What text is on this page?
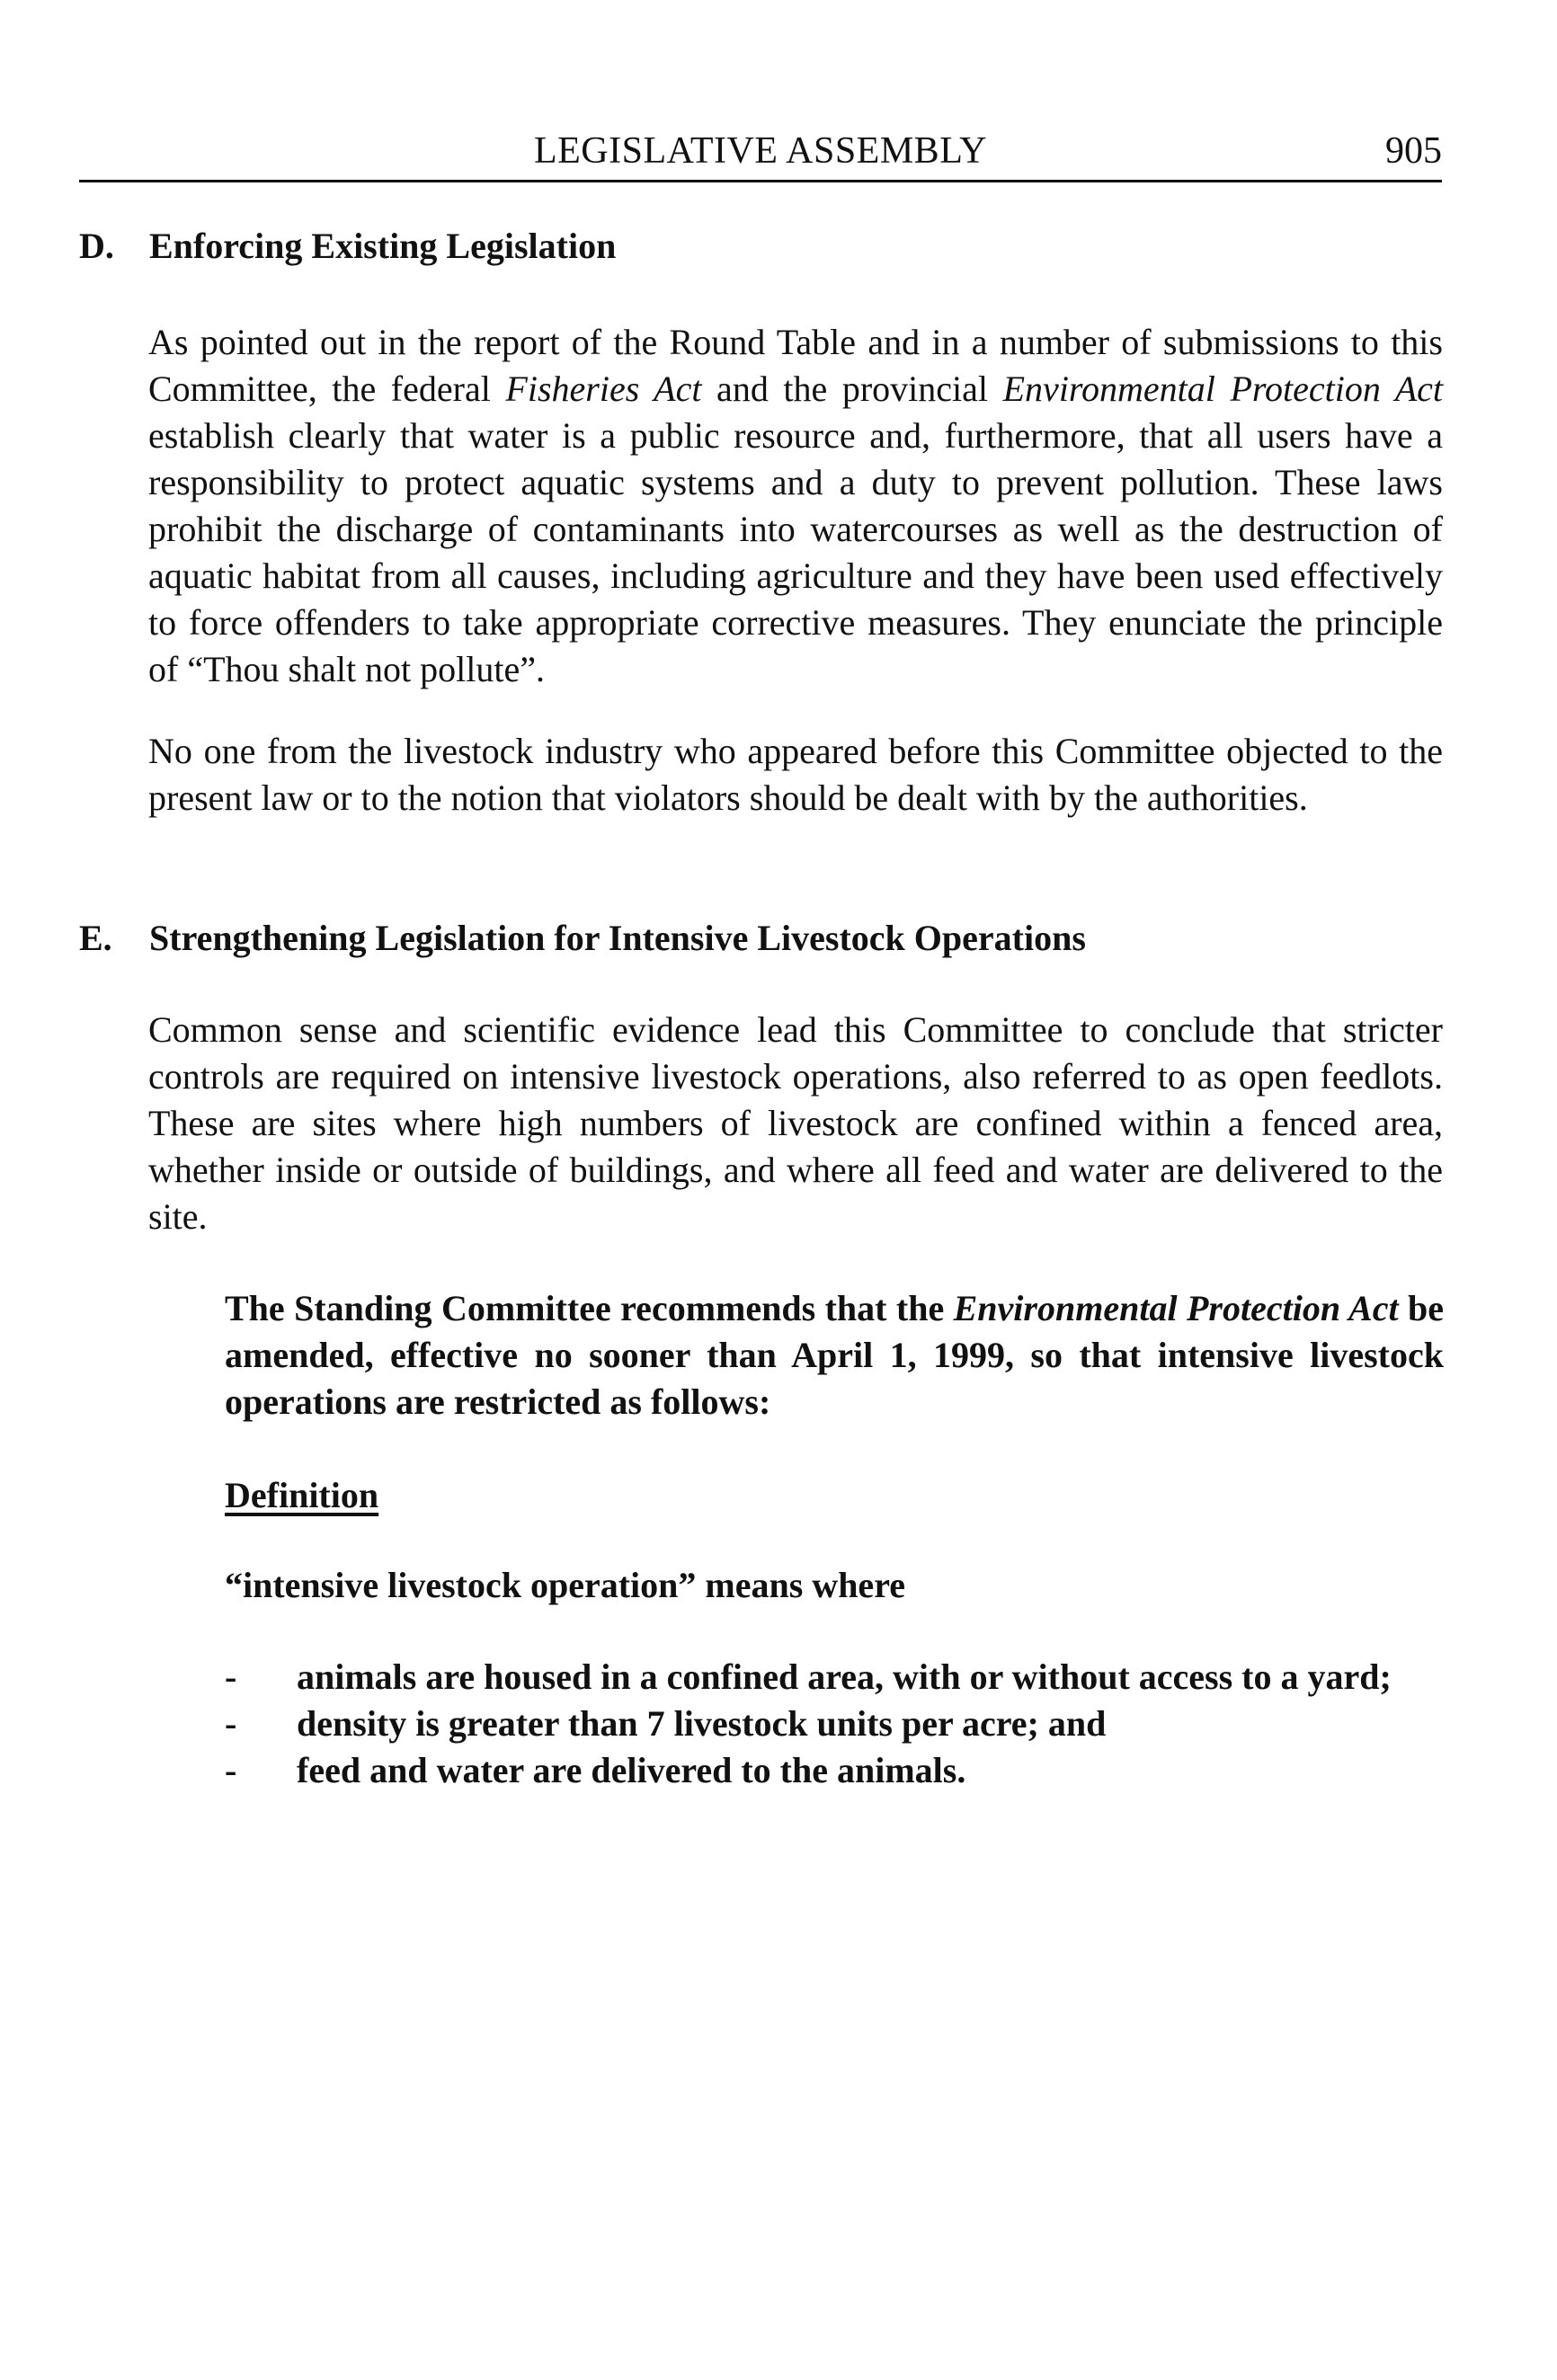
LEGISLATIVE ASSEMBLY	905
D. Enforcing Existing Legislation

As pointed out in the report of the Round Table and in a number of submissions to this Committee, the federal Fisheries Act and the provincial Environmental Protection Act establish clearly that water is a public resource and, furthermore, that all users have a responsibility to protect aquatic systems and a duty to prevent pollution. These laws prohibit the discharge of contaminants into watercourses as well as the destruction of aquatic habitat from all causes, including agriculture and they have been used effectively to force offenders to take appropriate corrective measures. They enunciate the principle of “Thou shalt not pollute”.

No one from the livestock industry who appeared before this Committee objected to the present law or to the notion that violators should be dealt with by the authorities.

E. Strengthening Legislation for Intensive Livestock Operations

Common sense and scientific evidence lead this Committee to conclude that stricter controls are required on intensive livestock operations, also referred to as open feedlots. These are sites where high numbers of livestock are confined within a fenced area, whether inside or outside of buildings, and where all feed and water are delivered to the site.

The Standing Committee recommends that the Environmental Protection Act be amended, effective no sooner than April 1, 1999, so that intensive livestock operations are restricted as follows:

Definition
“intensive livestock operation” means where
- animals are housed in a confined area, with or without access to a yard;
- density is greater than 7 livestock units per acre; and
- feed and water are delivered to the animals.
